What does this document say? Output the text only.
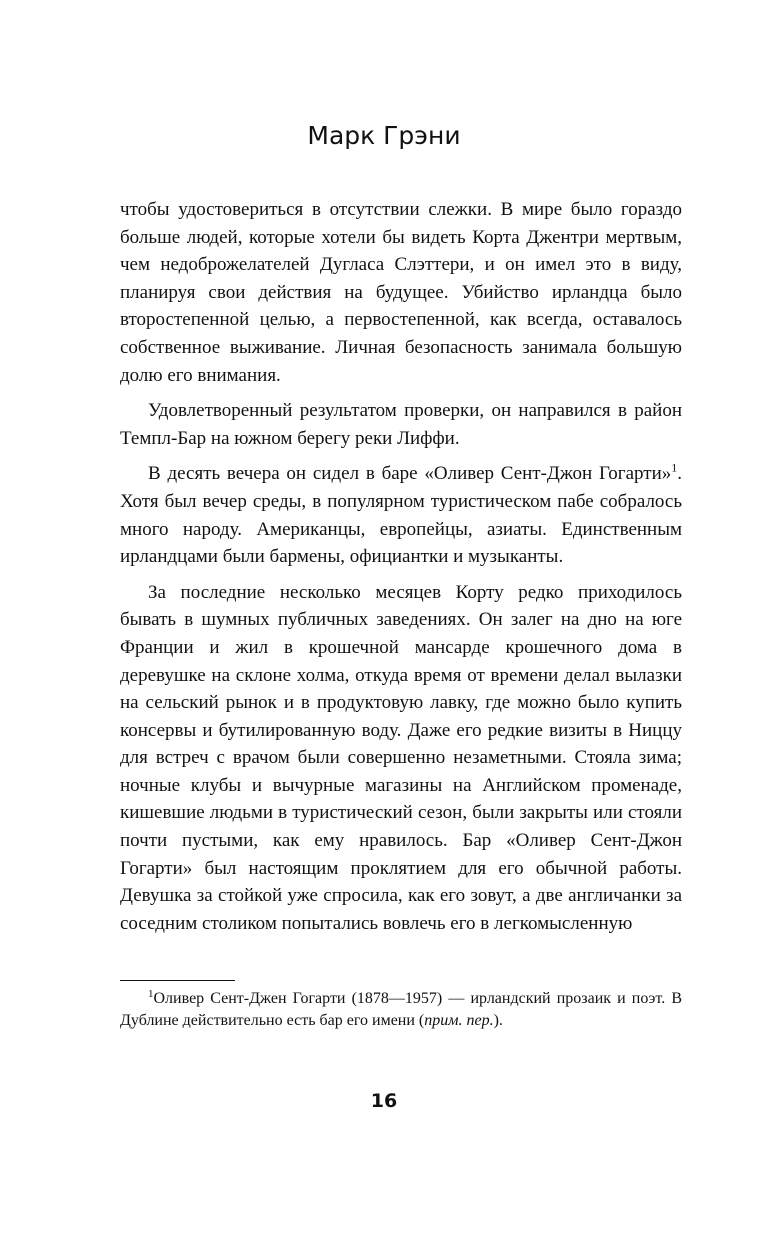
Марк Грэни

чтобы удостовериться в отсутствии слежки. В мире было гораздо больше людей, которые хотели бы видеть Корта Джентри мертвым, чем недоброжелателей Дугласа Слэттери, и он имел это в виду, планируя свои действия на будущее. Убийство ирландца было второстепенной целью, а первостепенной, как всегда, оставалось собственное выживание. Личная безопасность занимала большую долю его внимания.

Удовлетворенный результатом проверки, он направился в район Темпл-Бар на южном берегу реки Лиффи.

В десять вечера он сидел в баре «Оливер Сент-Джон Гогарти»$^1$. Хотя был вечер среды, в популярном туристическом пабе собралось много народу. Американцы, европейцы, азиаты. Единственным ирландцами были бармены, официантки и музыканты.

За последние несколько месяцев Корту редко приходилось бывать в шумных публичных заведениях. Он залег на дно на юге Франции и жил в крошечной мансарде крошечного дома в деревушке на склоне холма, откуда время от времени делал вылазки на сельский рынок и в продуктовую лавку, где можно было купить консервы и бутилированную воду. Даже его редкие визиты в Ниццу для встреч с врачом были совершенно незаметными. Стояла зима; ночные клубы и вычурные магазины на Английском променаде, кишевшие людьми в туристический сезон, были закрыты или стояли почти пустыми, как ему нравилось. Бар «Оливер Сент-Джон Гогарти» был настоящим проклятием для его обычной работы. Девушка за стойкой уже спросила, как его зовут, а две англичанки за соседним столиком попытались вовлечь его в легкомысленную

$^1$Оливер Сент-Джен Гогарти (1878—1957) — ирландский прозаик и поэт. В Дублине действительно есть бар его имени (прим. пер.).
16
